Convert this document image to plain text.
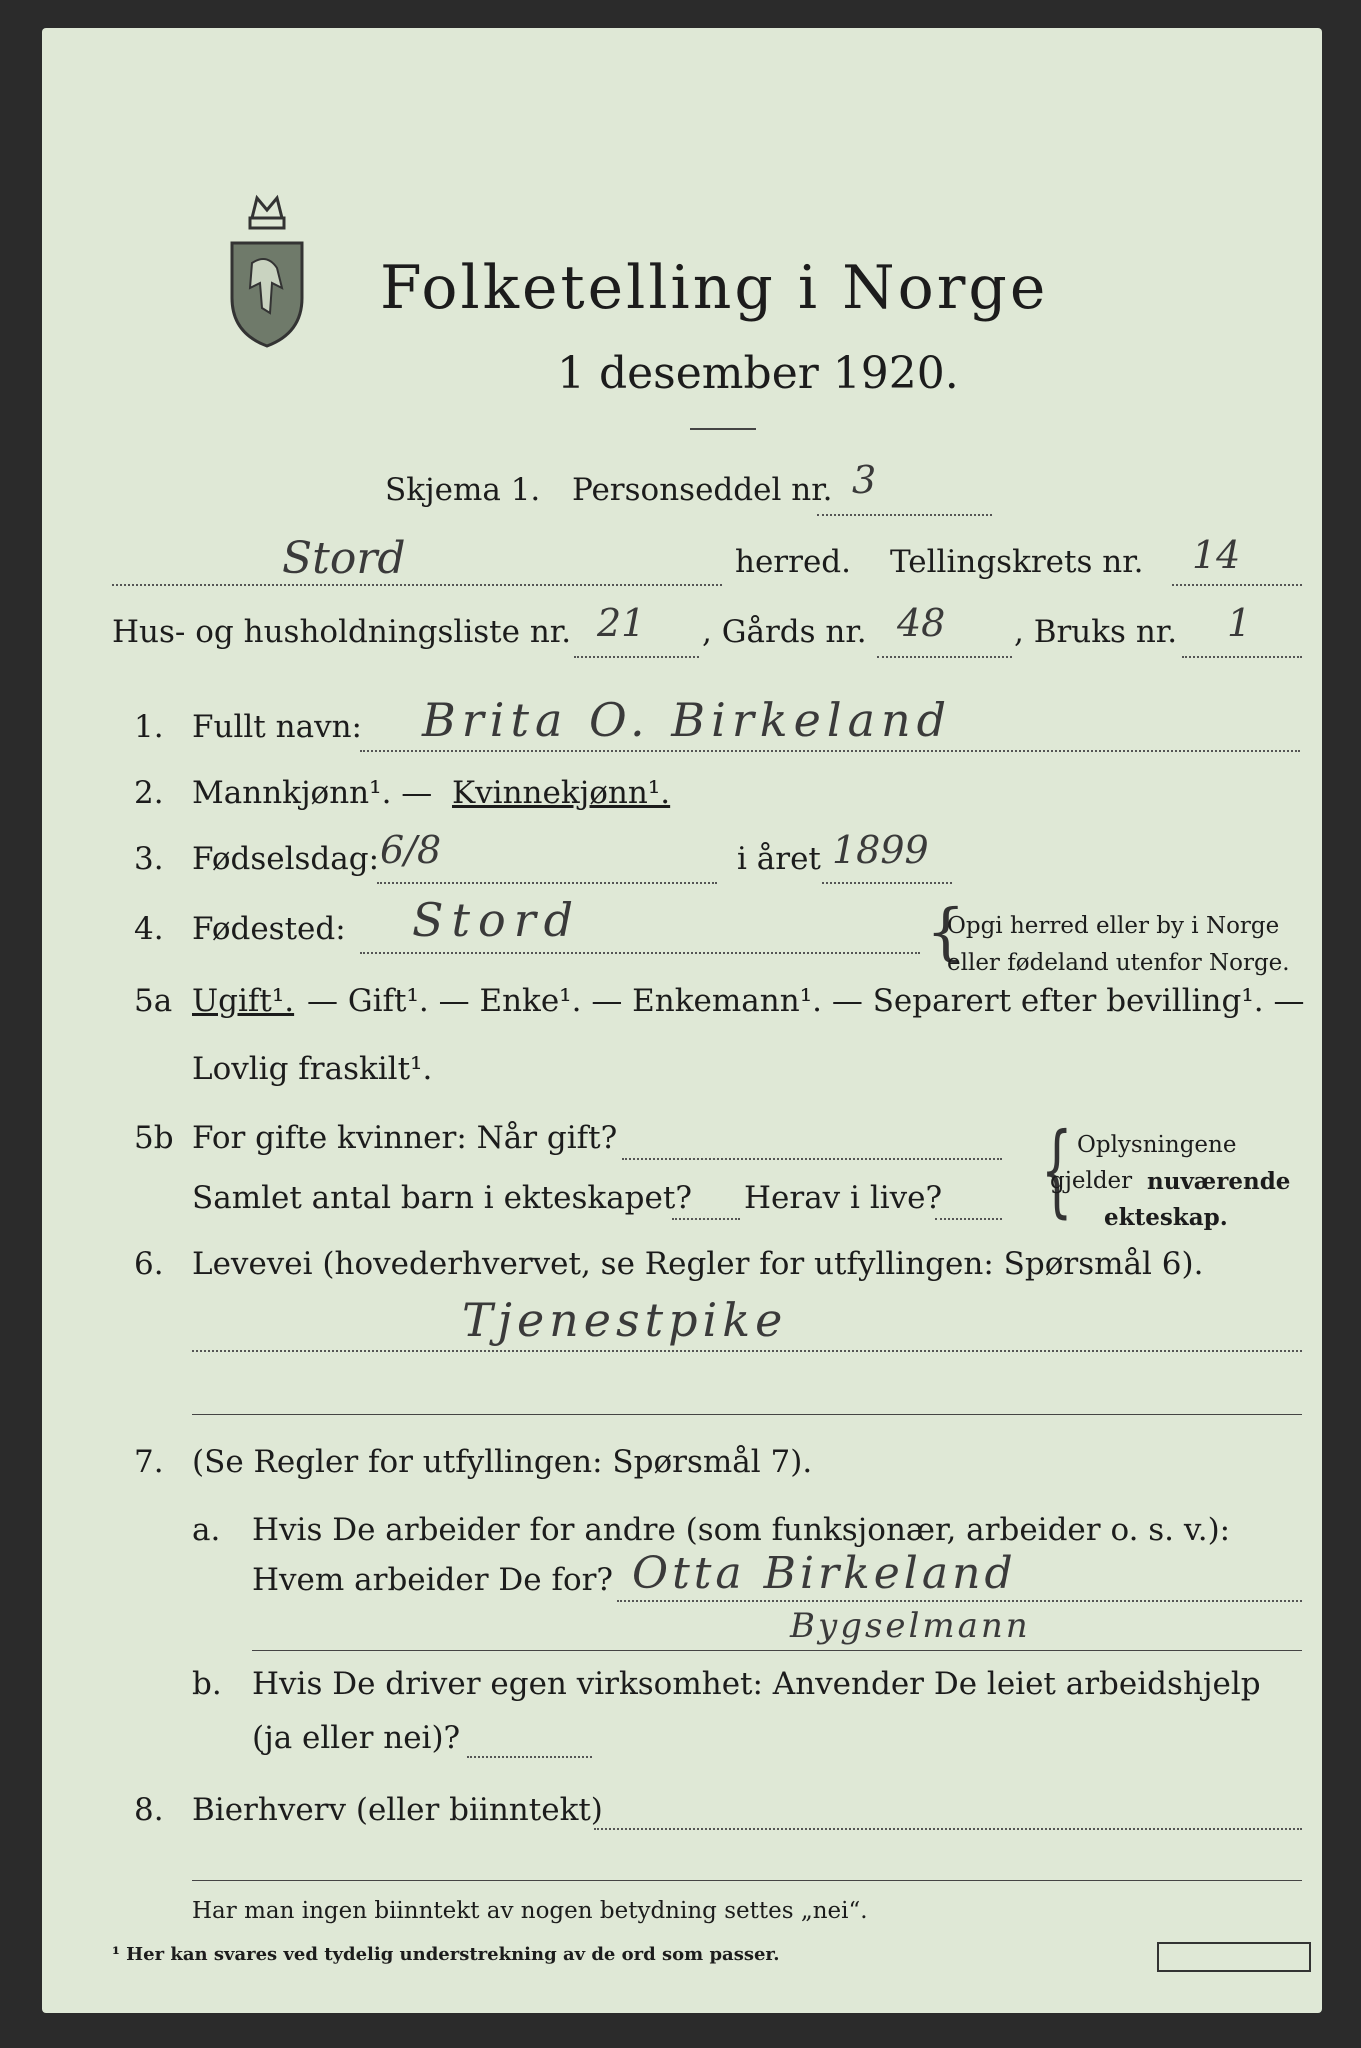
Folketelling i Norge
1 desember 1920.
Skjema 1. Personseddel nr. 3
Stord	herred. Tellingskrets nr. 14
Hus- og husholdningsliste nr. 21 , Gårds nr. 48 , Bruks nr. 1
1. Fullt navn: Brita O. Birkeland
2. Mannkjønn¹. — Kvinnekjønn¹.
3. Fødselsdag: 6/8	i året 1899
4. Fødested: Stord	{
Opgi herred eller by i Norge
eller fødeland utenfor Norge.
5a Ugift¹. — Gift¹. — Enke¹. — Enkemann¹. — Separert efter bevilling¹. —
Lovlig fraskilt¹.
5b For gifte kvinner: Når gift?
Samlet antal barn i ekteskapet? Herav i live? { Oplysningene
gjelder nuværende
ekteskap.
6. Levevei (hovederhvervet, se Regler for utfyllingen: Spørsmål 6).
Tjenestpike
7. (Se Regler for utfyllingen: Spørsmål 7).
a. Hvis De arbeider for andre (som funksjonær, arbeider o. s. v.):
Hvem arbeider De for? Otta Birkeland
Bygselmann
b. Hvis De driver egen virksomhet: Anvender De leiet arbeidshjelp
(ja eller nei)?
8. Bierhverv (eller biinntekt)
Har man ingen biinntekt av nogen betydning settes „nei“.
¹ Her kan svares ved tydelig understrekning av de ord som passer.
